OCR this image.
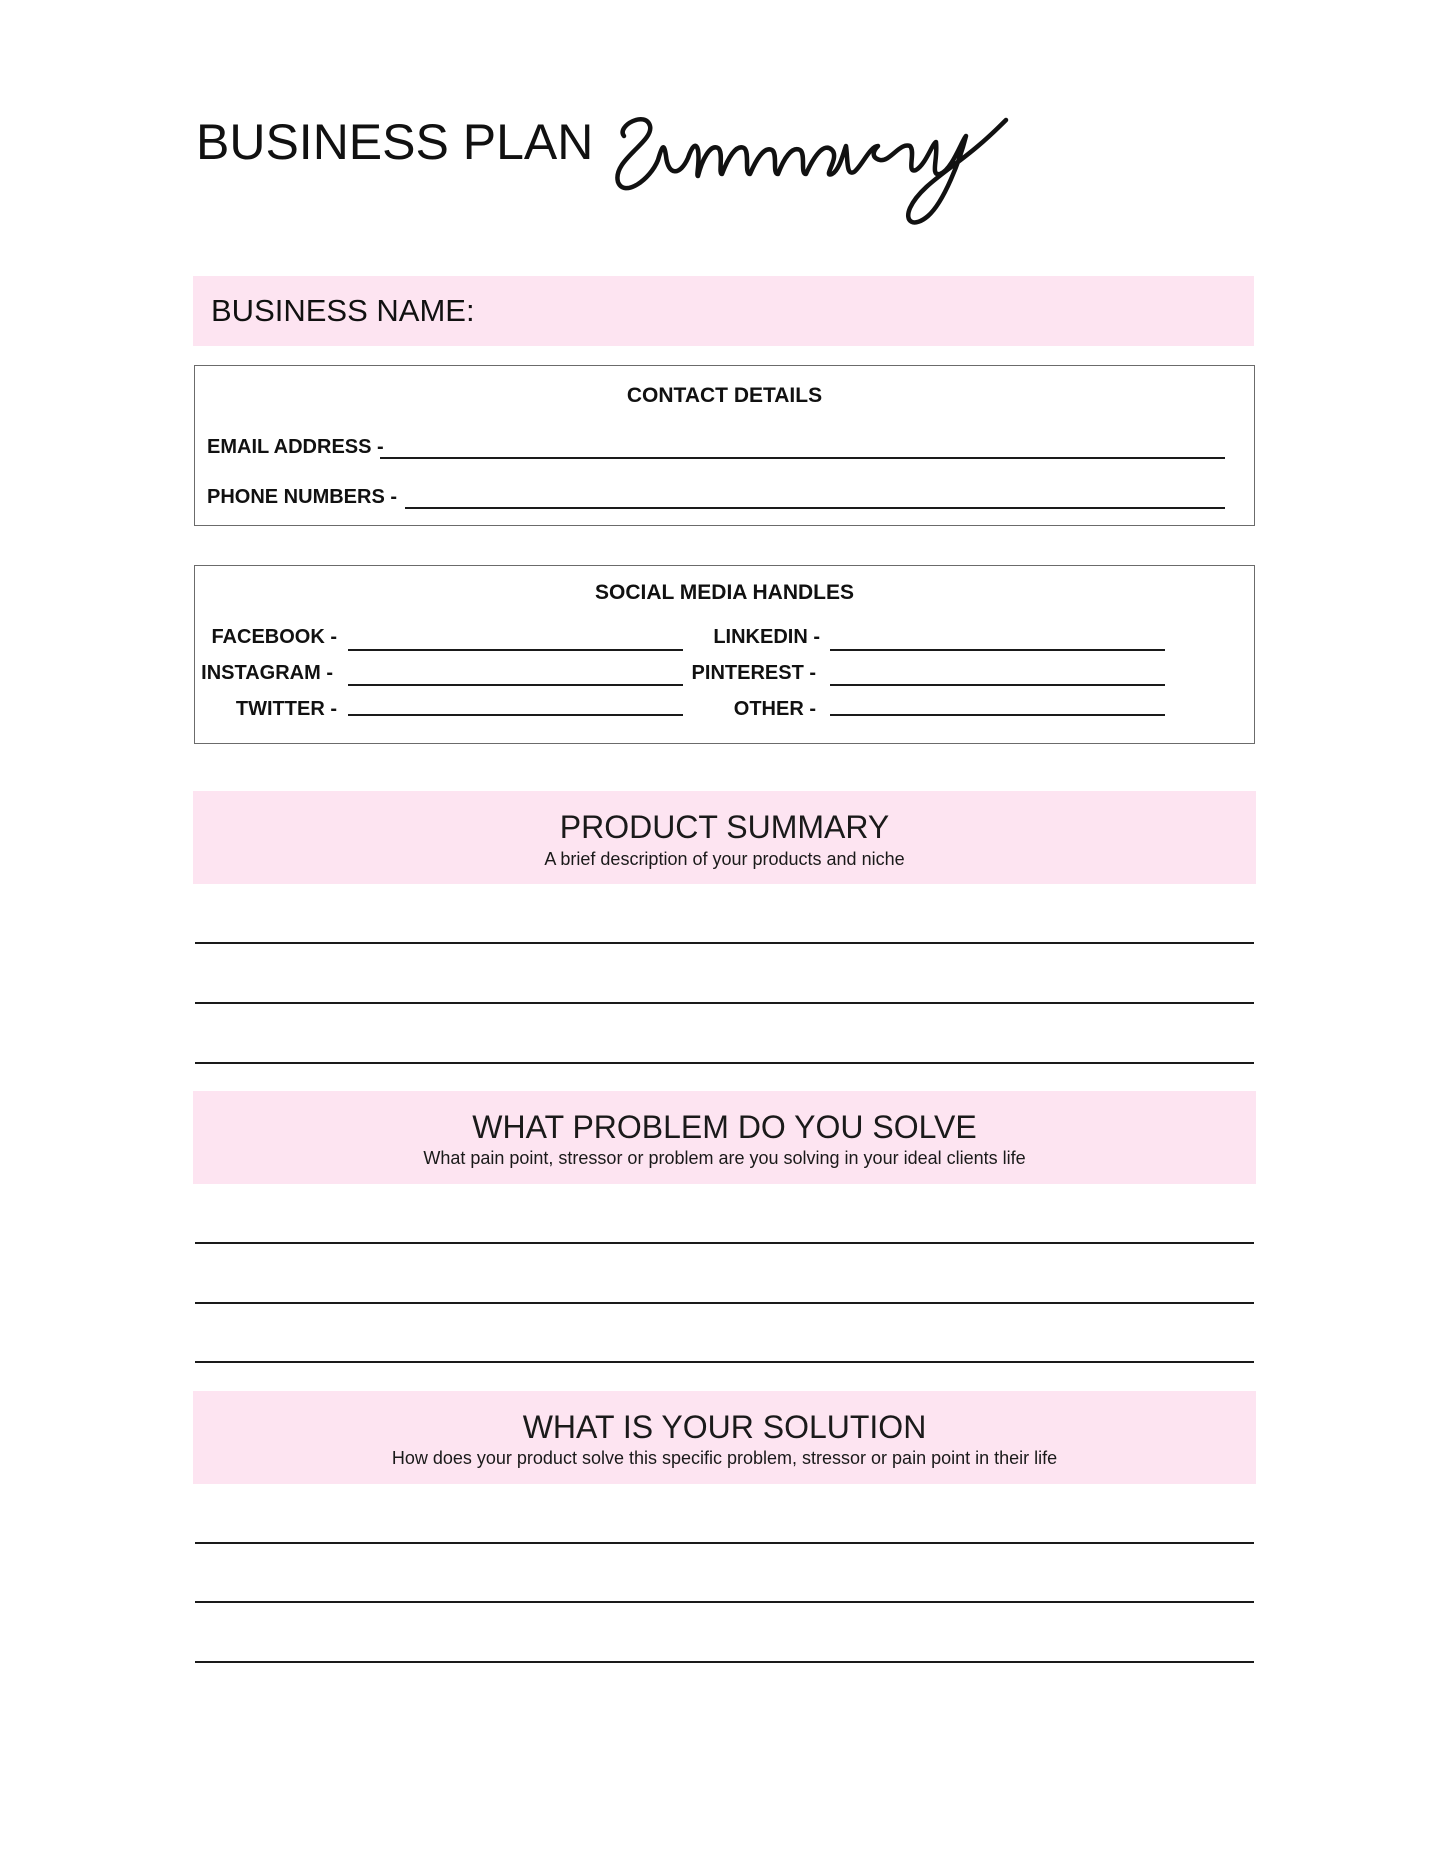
BUSINESS PLAN
BUSINESS NAME:
CONTACT DETAILS
EMAIL ADDRESS -
PHONE NUMBERS -
SOCIAL MEDIA HANDLES
FACEBOOK -
INSTAGRAM -
TWITTER -
LINKEDIN -
PINTEREST -
OTHER -
PRODUCT SUMMARY
A brief description of your products and niche
WHAT PROBLEM DO YOU SOLVE
What pain point, stressor or problem are you solving in your ideal clients life
WHAT IS YOUR SOLUTION
How does your product solve this specific problem, stressor or pain point in their life
